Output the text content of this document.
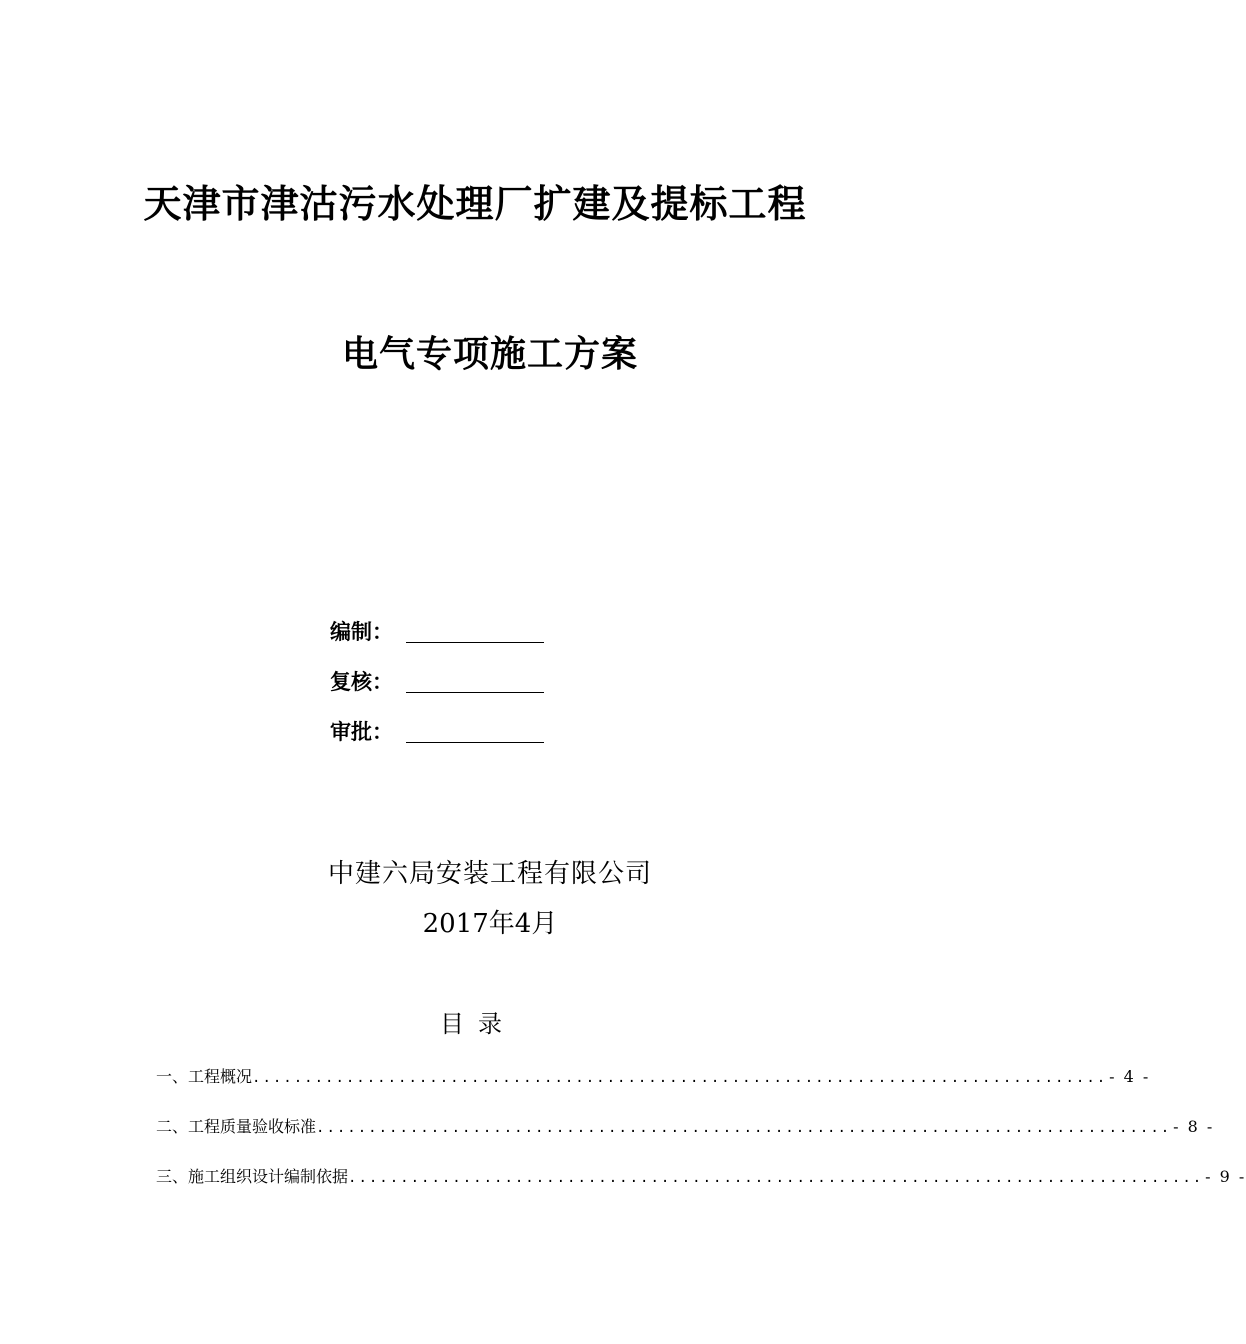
天津市津沽污水处理厂扩建及提标工程
电气专项施工方案
编制：
复核：
审批：
中建六局安装工程有限公司
2017年4月
目录
一、工程概况 .................................................................................. - 4 -
二、工程质量验收标准 .................................................................................. - 8 -
三、施工组织设计编制依据 .................................................................................. - 9 -
